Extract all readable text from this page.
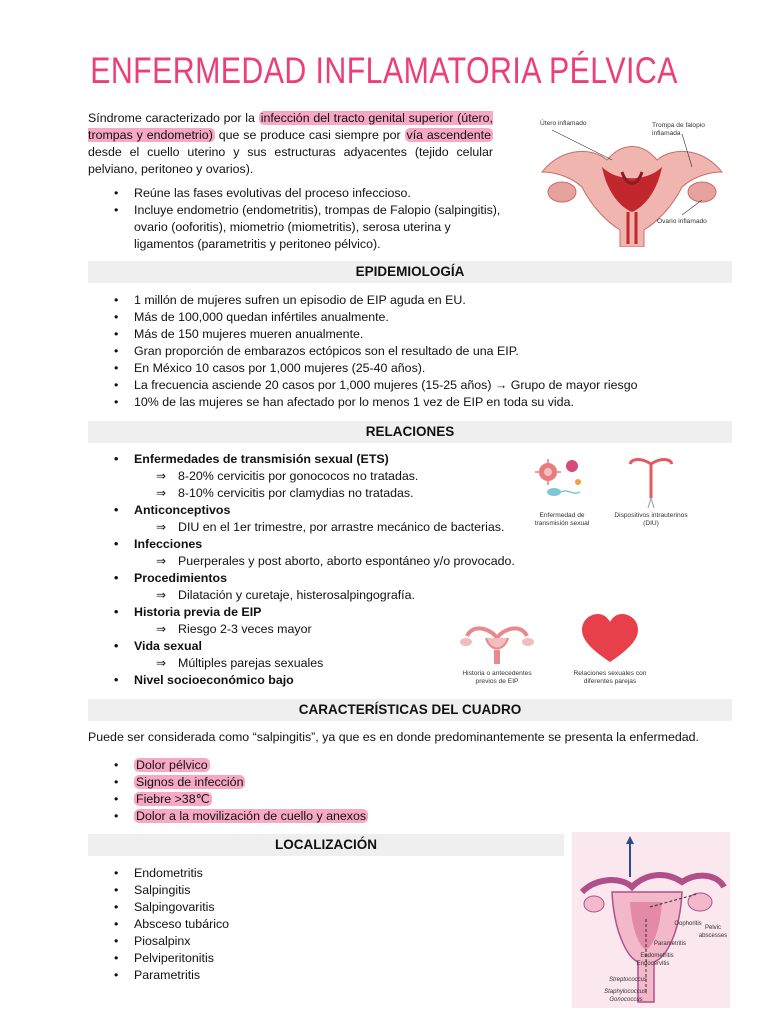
ENFERMEDAD INFLAMATORIA PÉLVICA
Síndrome caracterizado por la infección del tracto genital superior (útero, trompas y endometrio) que se produce casi siempre por vía ascendente desde el cuello uterino y sus estructuras adyacentes (tejido celular pelviano, peritoneo y ovarios).
• Reúne las fases evolutivas del proceso infeccioso.
• Incluye endometrio (endometritis), trompas de Falopio (salpingitis), ovario (ooforitis), miometrio (miometritis), serosa uterina y ligamentos (parametritis y peritoneo pélvico).
Útero inflamado	Trompa de falopio inflamada
Ovario inflamado
EPIDEMIOLOGÍA
• 1 millón de mujeres sufren un episodio de EIP aguda en EU.
• Más de 100,000 quedan infértiles anualmente.
• Más de 150 mujeres mueren anualmente.
• Gran proporción de embarazos ectópicos son el resultado de una EIP.
• En México 10 casos por 1,000 mujeres (25-40 años).
• La frecuencia asciende 20 casos por 1,000 mujeres (15-25 años) → Grupo de mayor riesgo
• 10% de las mujeres se han afectado por lo menos 1 vez de EIP en toda su vida.
RELACIONES
• Enfermedades de transmisión sexual (ETS)
⇒ 8-20% cervicitis por gonococos no tratadas.
⇒ 8-10% cervicitis por clamydias no tratadas.
• Anticonceptivos
⇒ DIU en el 1er trimestre, por arrastre mecánico de bacterias.
• Infecciones
⇒ Puerperales y post aborto, aborto espontáneo y/o provocado.
• Procedimientos
⇒ Dilatación y curetaje, histerosalpingografía.
• Historia previa de EIP
⇒ Riesgo 2-3 veces mayor
• Vida sexual
⇒ Múltiples parejas sexuales
• Nivel socioeconómico bajo
Enfermedad de transmisión sexual
Dispositivos intrauterinos (DIU)
Historia o antecedentes previos de EIP
Relaciones sexuales con diferentes parejas
CARACTERÍSTICAS DEL CUADRO
Puede ser considerada como “salpingitis”, ya que es en donde predominantemente se presenta la enfermedad.
• Dolor pélvico
• Signos de infección
• Fiebre >38℃
• Dolor a la movilización de cuello y anexos
LOCALIZACIÓN
• Endometritis
• Salpingitis
• Salpingovaritis
• Absceso tubárico
• Piosalpinx
• Pelviperitonitis
• Parametritis
Oophoritis
Pelvic abscesses
Parametritis
Endometritis
Endocervitis
Streptococcus
Staphylococcus, Gonococcus
